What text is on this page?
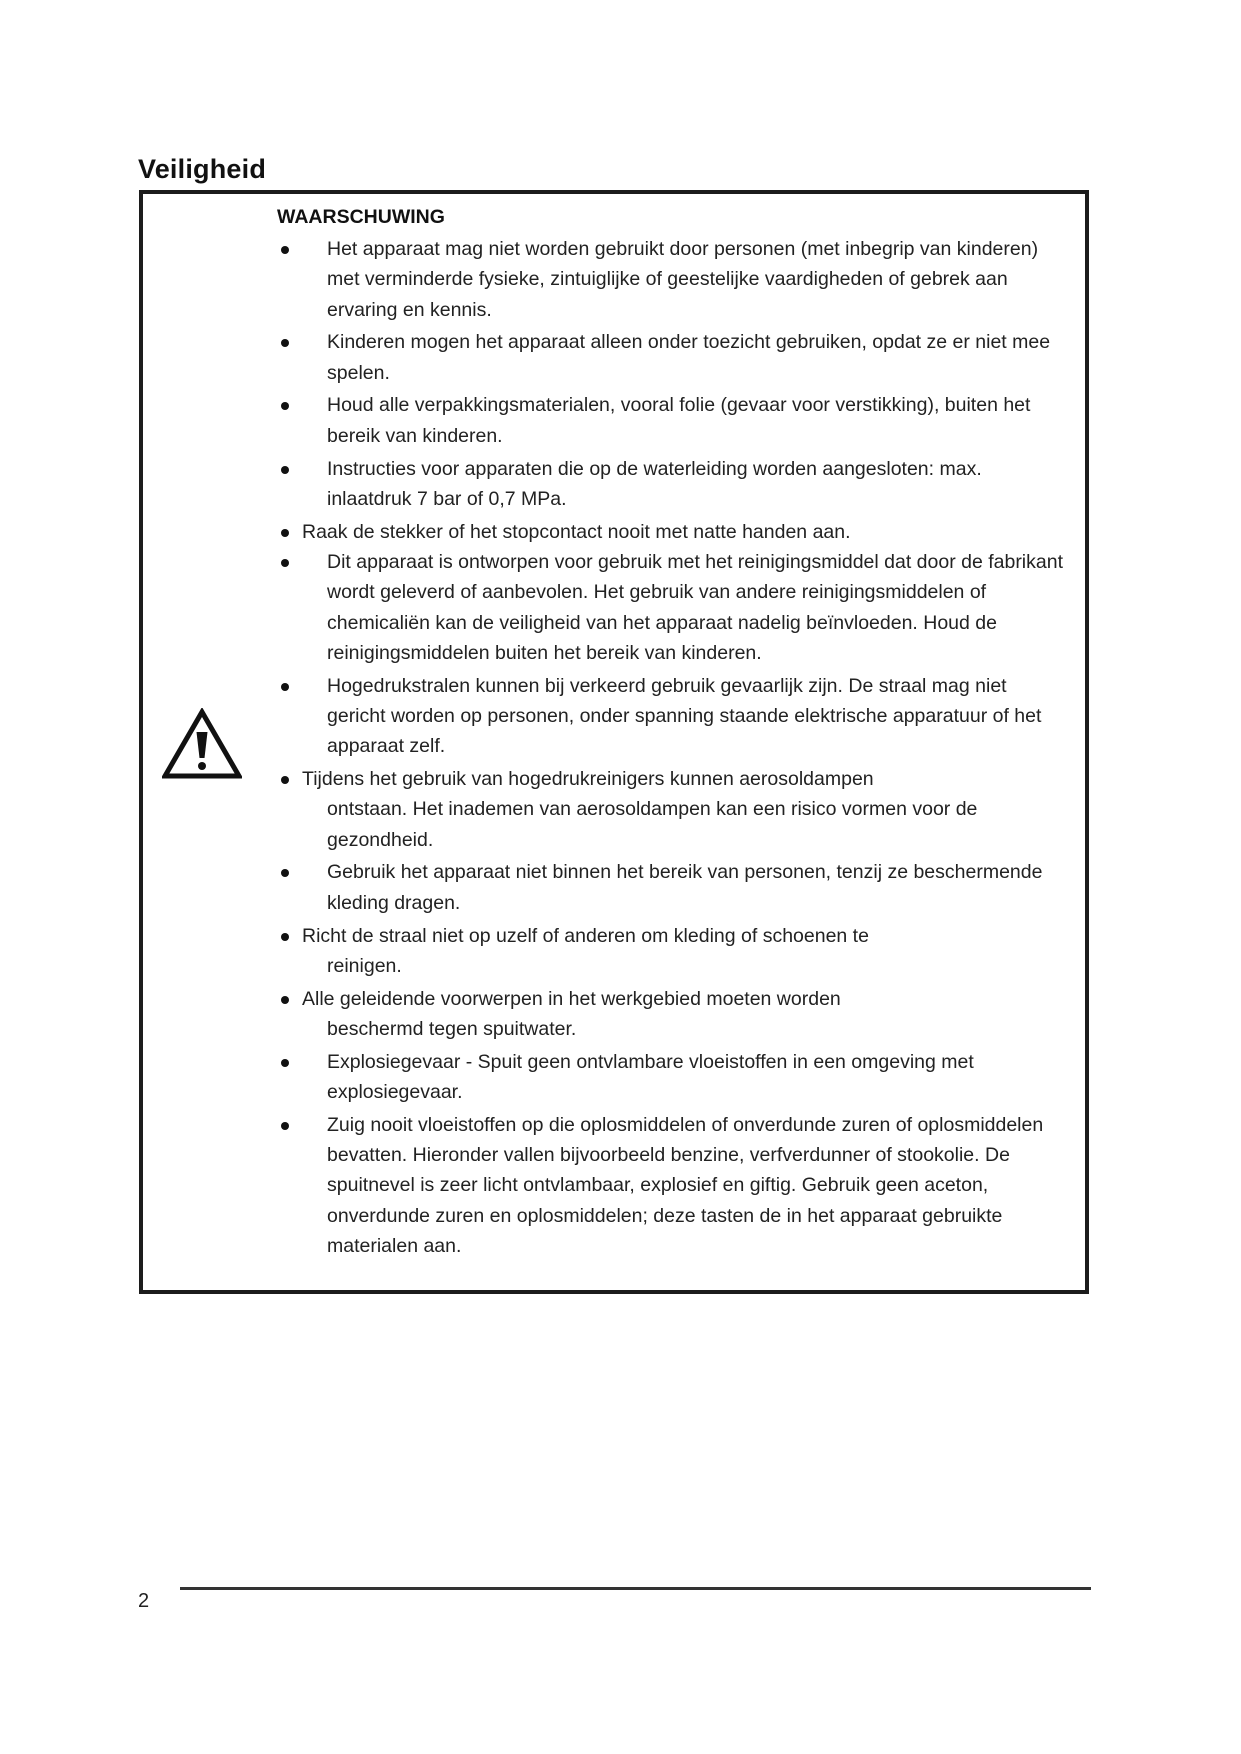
Veiligheid
WAARSCHUWING
Het apparaat mag niet worden gebruikt door personen (met inbegrip van kinderen) met verminderde fysieke, zintuiglijke of geestelijke vaardigheden of gebrek aan ervaring en kennis.
Kinderen mogen het apparaat alleen onder toezicht gebruiken, opdat ze er niet mee spelen.
Houd alle verpakkingsmaterialen, vooral folie (gevaar voor verstikking), buiten het bereik van kinderen.
Instructies voor apparaten die op de waterleiding worden aangesloten: max. inlaatdruk 7 bar of 0,7 MPa.
Raak de stekker of het stopcontact nooit met natte handen aan.
Dit apparaat is ontworpen voor gebruik met het reinigingsmiddel dat door de fabrikant wordt geleverd of aanbevolen. Het gebruik van andere reinigingsmiddelen of chemicaliën kan de veiligheid van het apparaat nadelig beïnvloeden. Houd de reinigingsmiddelen buiten het bereik van kinderen.
Hogedrukstralen kunnen bij verkeerd gebruik gevaarlijk zijn. De straal mag niet gericht worden op personen, onder spanning staande elektrische apparatuur of het apparaat zelf.
Tijdens het gebruik van hogedrukreinigers kunnen aerosoldampen
ontstaan. Het inademen van aerosoldampen kan een risico vormen voor de gezondheid.
Gebruik het apparaat niet binnen het bereik van personen, tenzij ze beschermende kleding dragen.
Richt de straal niet op uzelf of anderen om kleding of schoenen te
reinigen.
Alle geleidende voorwerpen in het werkgebied moeten worden
beschermd tegen spuitwater.
Explosiegevaar - Spuit geen ontvlambare vloeistoffen in een omgeving met explosiegevaar.
Zuig nooit vloeistoffen op die oplosmiddelen of onverdunde zuren of oplosmiddelen bevatten. Hieronder vallen bijvoorbeeld benzine, verfverdunner of stookolie. De spuitnevel is zeer licht ontvlambaar, explosief en giftig. Gebruik geen aceton, onverdunde zuren en oplosmiddelen; deze tasten de in het apparaat gebruikte materialen aan.
2
